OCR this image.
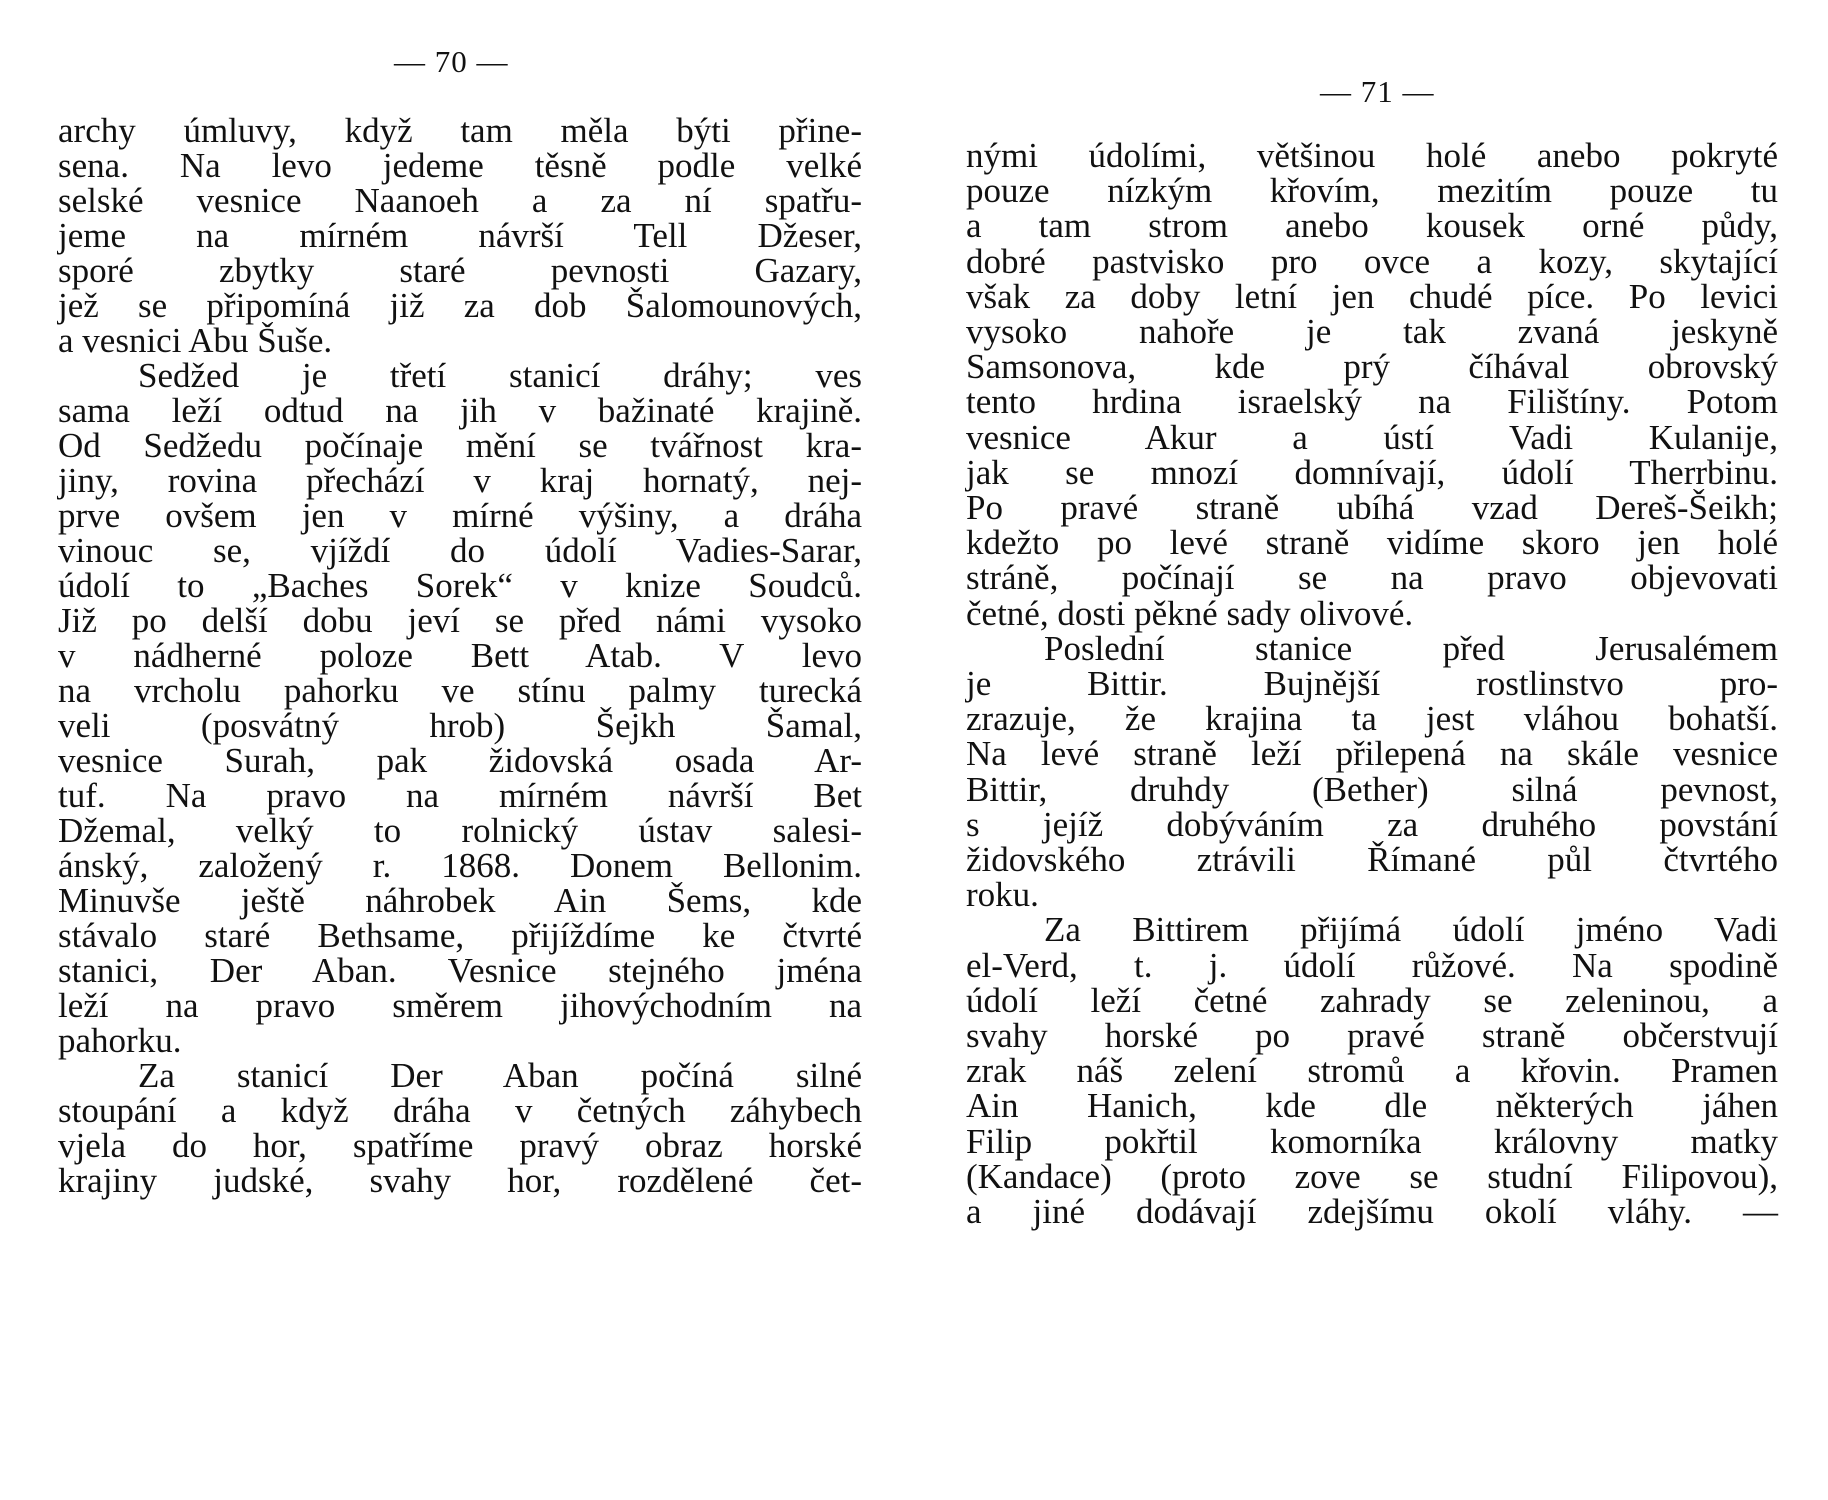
— 70 —
archy úmluvy, když tam měla býti přine-
sena. Na levo jedeme těsně podle velké
selské vesnice Naanoeh a za ní spatřu-
jeme na mírném návrší Tell Džeser,
sporé zbytky staré pevnosti Gazary,
jež se připomíná již za dob Šalomounových,
a vesnici Abu Šuše.
Sedžed je třetí stanicí dráhy; ves
sama leží odtud na jih v bažinaté krajině.
Od Sedžedu počínaje mění se tvářnost kra-
jiny, rovina přechází v kraj hornatý, nej-
prve ovšem jen v mírné výšiny, a dráha
vinouc se, vjíždí do údolí Vadies-Sarar,
údolí to „Baches Sorek“ v knize Soudců.
Již po delší dobu jeví se před námi vysoko
v nádherné poloze Bett Atab. V levo
na vrcholu pahorku ve stínu palmy turecká
veli (posvátný hrob) Šejkh Šamal,
vesnice Surah, pak židovská osada Ar-
tuf. Na pravo na mírném návrší Bet
Džemal, velký to rolnický ústav salesi-
ánský, založený r. 1868. Donem Bellonim.
Minuvše ještě náhrobek Ain Šems, kde
stávalo staré Bethsame, přijíždíme ke čtvrté
stanici, Der Aban. Vesnice stejného jména
leží na pravo směrem jihovýchodním na
pahorku.
Za stanicí Der Aban počíná silné
stoupání a když dráha v četných záhybech
vjela do hor, spatříme pravý obraz horské
krajiny judské, svahy hor, rozdělené čet-
— 71 —
nými údolími, většinou holé anebo pokryté
pouze nízkým křovím, mezitím pouze tu
a tam strom anebo kousek orné půdy,
dobré pastvisko pro ovce a kozy, skytající
však za doby letní jen chudé píce. Po levici
vysoko nahoře je tak zvaná jeskyně
Samsonova, kde prý číhával obrovský
tento hrdina israelský na Filištíny. Potom
vesnice Akur a ústí Vadi Kulanije,
jak se mnozí domnívají, údolí Therrbinu.
Po pravé straně ubíhá vzad Dereš-Šeikh;
kdežto po levé straně vidíme skoro jen holé
stráně, počínají se na pravo objevovati
četné, dosti pěkné sady olivové.
Poslední stanice před Jerusalémem
je Bittir. Bujnější rostlinstvo pro-
zrazuje, že krajina ta jest vláhou bohatší.
Na levé straně leží přilepená na skále vesnice
Bittir, druhdy (Bether) silná pevnost,
s jejíž dobýváním za druhého povstání
židovského ztrávili Římané půl čtvrtého
roku.
Za Bittirem přijímá údolí jméno Vadi
el-Verd, t. j. údolí růžové. Na spodině
údolí leží četné zahrady se zeleninou, a
svahy horské po pravé straně občerstvují
zrak náš zelení stromů a křovin. Pramen
Ain Hanich, kde dle některých jáhen
Filip pokřtil komorníka královny matky
(Kandace) (proto zove se studní Filipovou),
a jiné dodávají zdejšímu okolí vláhy. —
